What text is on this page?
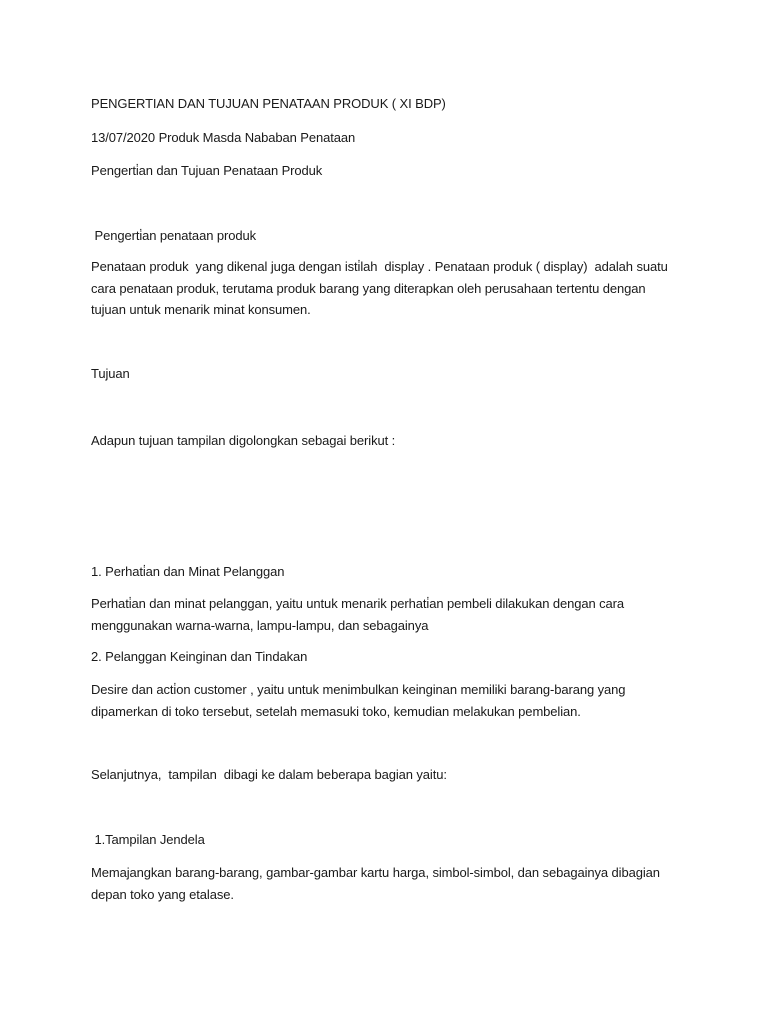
PENGERTIAN DAN TUJUAN PENATAAN PRODUK ( XI BDP)

13/07/2020 Produk Masda Nababan Penataan

Pengerti̇an dan Tujuan Penataan Produk

Pengerti̇an penataan produk

Penataan produk  yang dikenal juga dengan isti̇lah  display . Penataan produk ( display)  adalah suatu
cara penataan produk, terutama produk barang yang diterapkan oleh perusahaan tertentu dengan
tujuan untuk menarik minat konsumen.

Tujuan

Adapun tujuan tampilan digolongkan sebagai berikut :

1. Perhati̇an dan Minat Pelanggan

Perhati̇an dan minat pelanggan, yaitu untuk menarik perhati̇an pembeli dilakukan dengan cara
menggunakan warna-warna, lampu-lampu, dan sebagainya

2. Pelanggan Keinginan dan Tindakan

Desire dan acti̇on customer , yaitu untuk menimbulkan keinginan memiliki barang-barang yang
dipamerkan di toko tersebut, setelah memasuki toko, kemudian melakukan pembelian.

Selanjutnya,  tampilan  dibagi ke dalam beberapa bagian yaitu:

1.Tampilan Jendela

Memajangkan barang-barang, gambar-gambar kartu harga, simbol-simbol, dan sebagainya dibagian
depan toko yang etalase.
